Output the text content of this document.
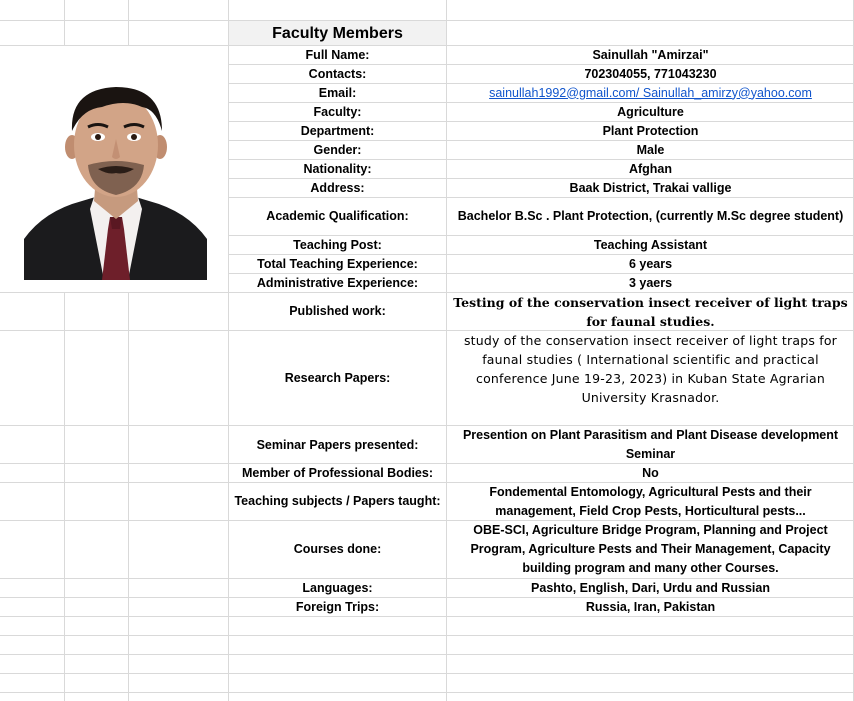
Faculty Members
Full Name:	Sainullah "Amirzai"
Contacts:	702304055, 771043230
Email:	sainullah1992@gmail.com/ Sainullah_amirzy@yahoo.com
Faculty:	Agriculture
Department:	Plant Protection
Gender:	Male
Nationality:	Afghan
Address:	Baak District, Trakai vallige
Academic Qualification:	Bachelor B.Sc . Plant Protection, (currently M.Sc degree student)
Teaching Post:	Teaching Assistant
Total Teaching Experience:	6 years
Administrative Experience:	3 yaers
Published work:
Testing of the conservation insect receiver of light traps for faunal studies.
Research Papers:
study of the conservation insect receiver of light traps for faunal studies ( International scientific and practical conference June 19-23, 2023) in Kuban State Agrarian University Krasnador.
Seminar Papers presented:
Presention on Plant Parasitism and Plant Disease development Seminar
Member of Professional Bodies:	No
Teaching subjects / Papers taught:
Fondemental Entomology, Agricultural Pests and their management, Field Crop Pests, Horticultural pests...
Courses done:
OBE-SCI, Agriculture Bridge Program, Planning and Project Program, Agriculture Pests and Their Management, Capacity building program and many other Courses.
Languages:	Pashto, English, Dari, Urdu and Russian
Foreign Trips:	Russia, Iran, Pakistan
